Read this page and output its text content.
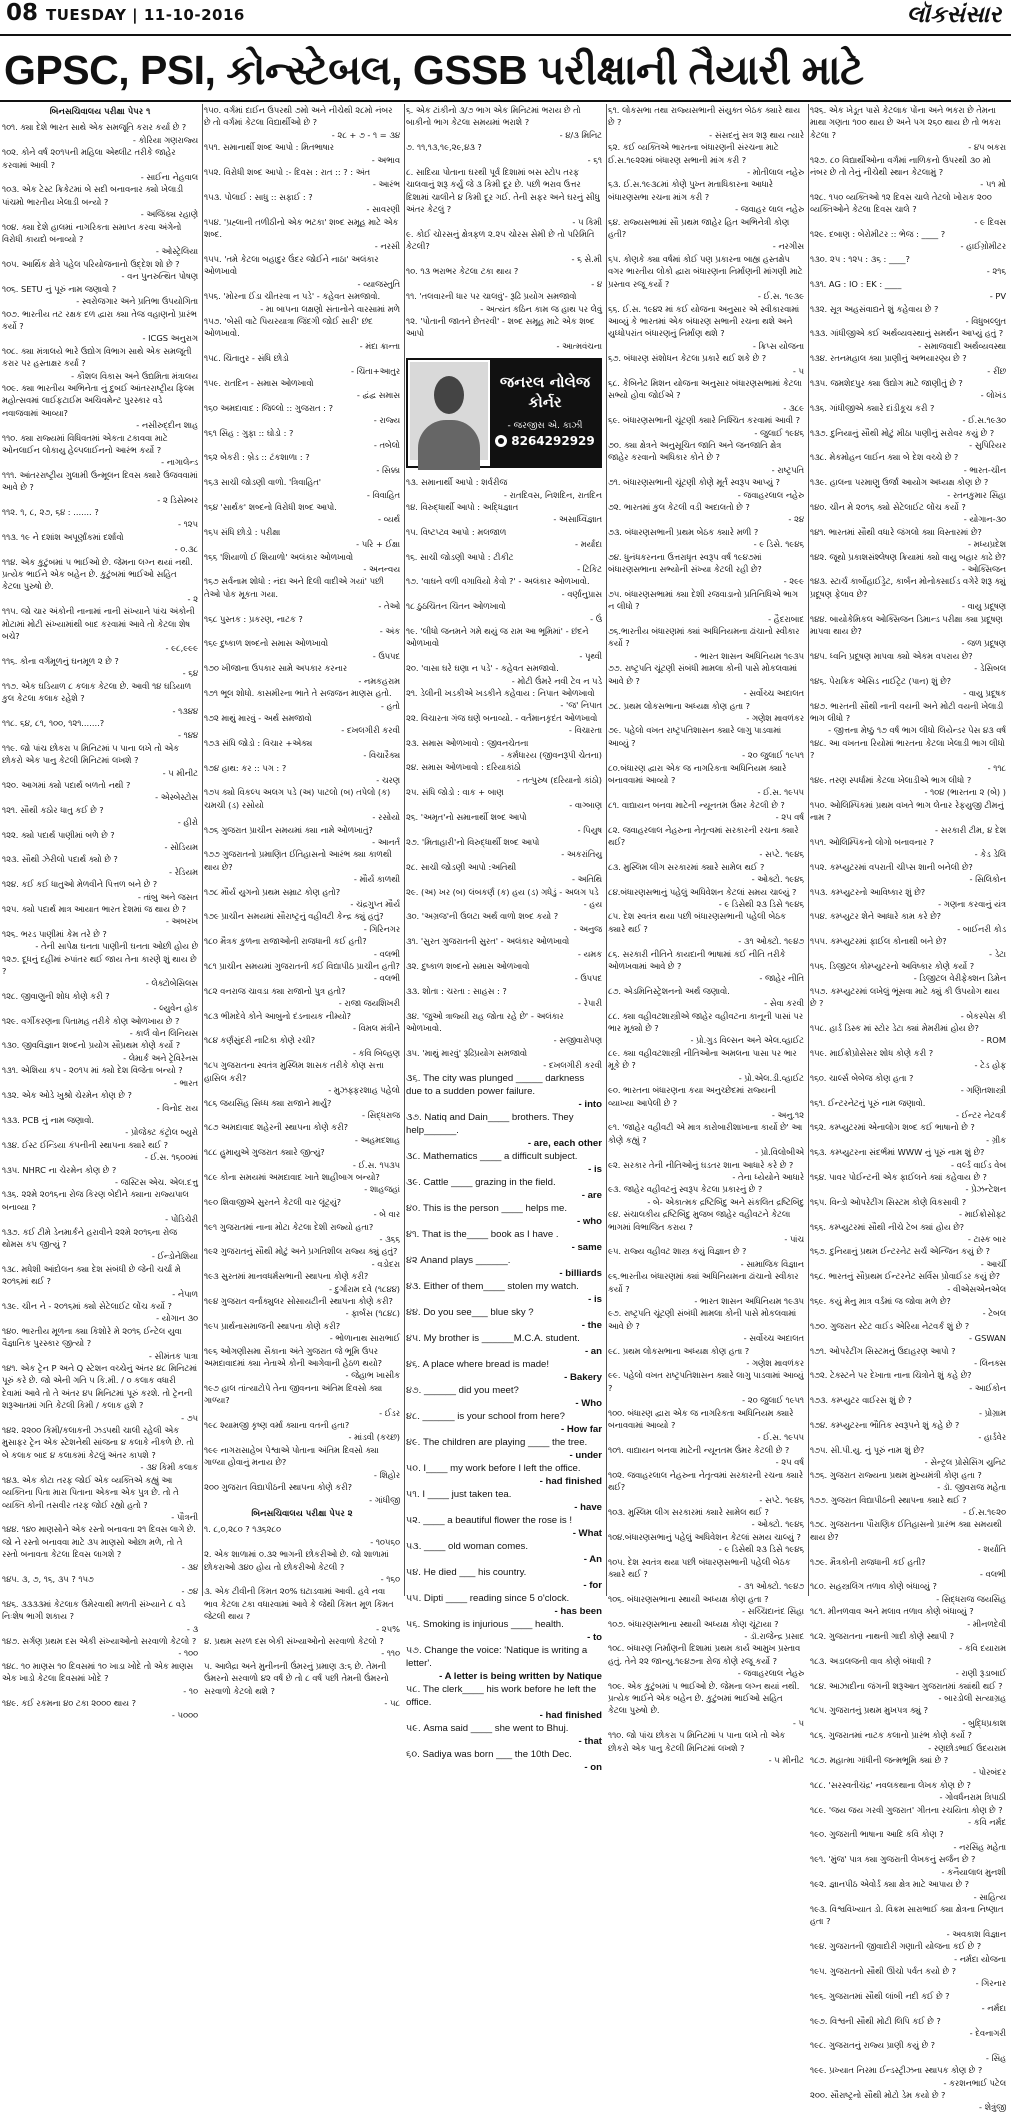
08 TUESDAY | 11-10-2016	લૉકસંસાર
GPSC, PSI, કોન્સ્ટેબલ, GSSB પરીક્ષાની તૈયારી માટે
બિનસચિવાલય પરીક્ષા પેપર ૧
૧૦૧. ક્યા દેશે ભારત સાથે એક સમજૂતિ કરાર કર્યા છે ?
- કોરિયા ગણરાજ્ય
૧૦૨. કોને વર્ષ ૨૦૧૫ની મહિલા એથ્લીટ તરીકે જાહેર કરવામાં આવી ?
- સાઈના નેહવાલ
૧૦૩. એક ટેસ્ટ ક્રિકેટમાં બે સદી બનાવનાર ક્યો ખેલાડી પાંચમો ભારતીય ખેલાડી બન્યો ?
- અજિંક્ય રહાણે
૧૦૪. ક્યા દેશે હાલમાં નાગરિકતા સમાપ્ત કરવા અંગેનો વિરોધી કાયદો બનાવ્યો ?
- ઓસ્ટ્રેલિયા
૧૦૫. આર્થિક ક્ષેત્રે પહેલ પરિયોજનાનો ઉદ્દેશ શો છે ?
- વન પુનરુત્થિત પોષણ
૧૦૬. SETU નું પૂરું નામ જણાવો ?
- સ્વરોજગાર અને પ્રતિભા ઉપયોગિતા
૧૦૭. ભારતીય તટ રક્ષક દળ દ્વારા ક્યા તેજ વહાણનો પ્રારંભ કર્યો ?
- ICGS અનુરાગ
૧૦૮. ક્યા મંત્રાલયે ભારે ઉદ્યોગ વિભાગ સાથે એક સમજૂતી કરાર પર હસ્તાક્ષર કર્યા ?
- કૌશલ વિકાસ અને ઉદ્યમિતા મંત્રાલય
૧૦૯. ક્યા ભારતીય અભિનેતા નું દુબઈ આંતરરાષ્ટ્રીય ફિલ્મ મહોત્સવમાં લાઈફટાઈમ અચિવમેન્ટ પુરસ્કાર વડે નવાજવામાં આવ્યા?
- નસીરુદ્દીન શાહ
૧૧૦. ક્યા રાજ્યમાં વિધિવતમાં એકતા ટકાવવા માટે ઓનલાઈન લોકાયુ હેલ્પલાઈનનો આરંભ કર્યો ?
- નાગાલેન્ડ
૧૧૧. આંતરરાષ્ટ્રીય ગુલામી ઉન્મૂલન દિવસ ક્યારે ઉજવવામાં આવે છે ?
- ૨ ડિસેમ્બર
૧૧૨. ૧, ૮, ૨૭, ૬૪ : ....... ?
- ૧૨૫
૧૧૩. ૧૯ ને દશાંશ અપૂર્ણાંકમાં દર્શાવો
- ૦.૩૮
૧૧૪. એક કુટુંબમાં ૫ ભાઈઓ છે. જેમના લગ્ન થયાં નથી. પ્રત્યેક ભાઈને એક બહેન છે. કુટુંબમાં ભાઈઓ સહિત કેટલા પુરુષો છે.
- ૨
૧૧૫. જો ચાર અંકોની નાનામાં નાની સંખ્યાને પાંચ અંકોની મોટામાં મોટી સંખ્યામાંથી બાદ કરવામાં આવે તો કેટલા શેષ બચે?
- ૯૮,૯૯૯
૧૧૬. કોના વર્ગમૂળનું ઘનમૂળ ૨ છે ?
- ૬૪
૧૧૭. એક ઘડિયાળ ૮ કલાક કેટલા છે. આવી ૧૪ ઘડિયાળ કુલ કેટલા કલાક રહેશે ?
- ૧૩૪૪
૧૧૮. ૬૪, ૮૧, ૧૦૦, ૧૨૧.......?
- ૧૪૪
૧૧૯. જો પાંચ છોકરા ૫ મિનિટમાં ૫ પાના લખે તો એક છોકરો એક પાનુ કેટલી મિનિટમાં લખશે ?
- ૫ મીનીટ
૧૨૦. આગમાં ક્યો પદાર્થ બળતો નથી ?
- એસ્બેસ્ટોસ
૧૨૧. સૌથી કઠોર ધાતુ કઈ છે ?
- હીરો
૧૨૨. ક્યો પદાર્થ પાણીમાં બળે છે ?
- સોડિયમ
૧૨૩. સૌથી ઝેરીલો પદાર્થ ક્યો છે ?
- રેડિયમ
૧૨૪. કઈ કઈ ધાતુઓ મેળવીને પિત્તળ બને છે ?
- તાંબુ અને જસત
૧૨૫. ક્યો પદાર્થ માત્ર આયાત ભારત દેશમાં જ થાય છે ?
- અબરખ
૧૨૬. ભરડ પાણીમાં કેમ તરે છે ?
- તેની સાપેક્ષ ઘનતા પાણીની ઘનતા ઓછી હોય છે
૧૨૭. દૂધનું દહીંમાં રુપાંતર થઈ જાય તેના કારણે શું થાય છે ?
- લેક્ટોબેસિલસ
૧૨૮. જીવાણુની શોધ કોણે કરી ?
- લ્યુવેન હોક
૧૨૯. વર્ગીકરણના પિતામહ તરીકે કોણ ઓળખાય છે ?
- કાર્લ વોન લિનિયસ
૧૩૦. જીવવિજ્ઞાન શબ્દનો પ્રયોગ સૌપ્રથમ કોણે કર્યો ?
- લેમાર્ક અને ટ્રેવિરેનસ
૧૩૧. એશિયા કપ - ૨૦૧૫ માં ક્યો દેશ વિજેતા બન્યો ?
- ભારત
૧૩૨. એક ઓડે ખુશ્રો ચેરમેન કોણ છે ?
- વિનોદ રાય
૧૩૩. PCB નું નામ જણાવો.
- પ્રોજેક્ટ કંટ્રોલ બ્યુરો
૧૩૪. ઈસ્ટ ઈન્ડિયા કંપનીની સ્થાપના ક્યારે થઈ ?
- ઈ.સ. ૧૬૦૦માં
૧૩૫. NHRC ના ચેરમેન કોણ છે ?
- જસ્ટિસ એચ. એલ.દત્તુ
૧૩૬. ૨૨મે ૨૦૧૬ના રોજ કિરણ બેદીને ક્યાના રાજ્યપાલ બનાવ્યા ?
- પોંડિચેરી
૧૩૭. કઈ ટીમે ડેનમાર્કને હરાવીને ૨૨મે ૨૦૧૬ના રોજ થોમસ કપ જીત્યું ?
- ઈન્ડોનેશિયા
૧૩૮. મધેશી આંદોલન ક્યા દેશ સંબંધી છે જેની ચર્ચા મે ૨૦૧૬માં થઈ ?
- નેપાળ
૧૩૯. ચીન ને - ૨૦૧૬માં ક્યો સેટેલાઈટ લોંચ કર્યો ?
- યોગાન ૩૦
૧૪૦. ભારતીય મૂળના ક્યા કિશોરે મે ૨૦૧૬ ઈન્ટેલ યુવા વૈજ્ઞાનિક પુરસ્કાર જીત્યો ?
- સીમંતક પાત્રા
૧૪૧. એક ટ્રેન P અને Q સ્ટેશન વચ્ચેનું અંતર ૪૮ મિનિટમાં પૂરું કરે છે. જો એની ગતિ ૫ કિ.મી. / ૦ કલાક વધારી દેવામાં આવે તો તે અંતર ૪૫ મિનિટમાં પૂરું કરશે. તો ટ્રેનની શરૂઆતમાં ગતિ કેટલી કિમી / કલાક હશે ?
- ૭૫
૧૪૨. ૨૨૦૦ કિમી/કલાકની ઝડપથી ચાલી રહેલી એક મુસાફર ટ્રેન એક સ્ટેશનેથી સાંજના ૪ કલાકે નીકળે છે. તો બે કલાક બાદ ૪ કલાકમાં કેટલું અંતર કાપશે ?
- ૩૪ કિમી કલાક
૧૪૩. એક કોટા તરફ જોઈ એક વ્યક્તિએ કહ્યું આ વ્યક્તિના પિતા મારા પિતાના એકના એક પુત્ર છે. તો તે વ્યક્તિ કોની તસવીર તરફ જોઈ રહ્યો હતો ?
- પૌત્રની
૧૪૪. ૧૪૦ માણસોને એક રસ્તો બનાવતા ૨૧ દિવસ લાગે છે. જો ને રસ્તો બનાવવા માટે ૩૫ માણસો ઓછા મળે, તો તે રસ્તો બનાવતા કેટલા દિવસ લાગશે ?
- ૩૪
૧૪૫. ૩, ૭, ૧૬, ૩૫ ? ૧૫૭
- ૭૪
૧૪૬. ૩૩૩૩માં કેટલાક ઉમેરવાથી મળતી સંખ્યાને ૮ વડે નિઃશેષ ભાગી શકાય ?
- ૩
૧૪૭. સર્ગણ પ્રથમ દસ એકી સંખ્યાઓનો સરવાળો કેટલો ?
- ૧૦૦
૧૪૮. ૧૦ માણસ ૧૦ દિવસમાં ૧૦ ખાડા ખોદે તો એક માણસ એક ખાડો કેટલા દિવસમાં ખોદે ?
- ૧૦
૧૪૯. કઈ રકમના ૪૦ ટકા ૨૦૦૦ થાય ?
- ૫૦૦૦
૧૫૦. વર્ગમાં દાઈન ઉપરથી ૭મો અને નીચેથી ૨૮મો નંબર છે તો વર્ગમાં કેટલા વિદ્યાર્થીઓ છે ?
- ૨૮ + ૭ - ૧ = ૩૪
૧૫૧. સમાનાર્થી શબ્દ આપો : મિતભાષાર
- અભાવ
૧૫૨. વિરોધી શબ્દ આપો :- દિવસ : રાત :: ? : અંત
- આરંભ
૧૫૩. પોલાઈ : સાધુ :: સફાઈ : ?
- સાવરણી
૧૫૪. 'પ્રહ્લાની તળીઠીનો એક ભટકા' શબ્દ સમૂહ માટે એક શબ્દ.
- નરસી
૧૫૫. 'તમે કેટલા બહાદુર ઉંદર જોઈને નાઠા' અલંકાર ઓળખાવો
- વ્યાજસ્તુતિ
૧૫૬. 'મોરના ઈંડા ચીતરવા ન પડે' - કહેવત સમજાવો.
- મા બાપના લક્ષણો સંતાનોને વારસામાં મળે
૧૫૭. 'બેસી વાટે પિયરયાત્રા જિંદગી જોઈ સારી' છંદ ઓળખાવો.
- મંદા ક્રાન્તા
૧૫૮. ચિંતાતુર - સંધિ છોડો
- ચિંતા+આતુર
૧૫૯. રાતદિન - સમાસ ઓળખાવો
- દ્વંદ્વ સમાસ
૧૬૦ અમદાવાદ : જિલ્લો :: ગુજરાત : ?
- રાજ્ય
૧૬૧ સિંહ : ગુફા :: ઘોડો : ?
- તબેલો
૧૬૨ બેકરી : બ્રેડ :: ટંકશાળા : ?
- સિક્કા
૧૬૩ સાચી જોડણી વાળો. 'ત્રિવાહિત'
- વિવાહિત
૧૬૪ 'સાર્થક' શબ્દનો વિરોધી શબ્દ આપો.
- વ્યર્થ
૧૬૫ સંધિ છોડો : પરીક્ષા
- પરિ + ઈક્ષા
૧૬૬ 'શિયાળો ઈ શિયાળો' અલંકાર ઓળખાવો
- અનન્વય
૧૬૭ સર્વનામ શોધો : નંદા અને દિલી વાદીએ ગયાં' પછી તેઓ પોક મૂકતા ગયા.
- તેઓ
૧૬૮ પુસ્તક : પ્રકરણ, નાટક ?
- અંક
૧૬૯ દુષ્કાળ શબ્દનો સમાસ ઓળખાવો
- ઉપપદ
૧૭૦ ખીજાના ઉપકાર સામે અપકાર કરનાર
- નમકહરામ
૧૭૧ ભૂલ શોધો. કાસમીરના ભાતે તે સજજન માણસ હતો.
- હતો
૧૭૨ માથું મારવું - અર્થ સમજાવો
- દખલગીરી કરવી
૧૭૩ સંધિ જોડો : વિચાર +એક્ય
- વિચારૈક્ય
૧૭૪ હાથ: કર :: પગ : ?
- ચરણ
૧૭૫ ક્યો વિકલ્પ અલગ પડે (અ) પાટલો (બ) તપેલો (ક) ચમચી (ડ) રસોયો
- રસોયો
૧૭૬ ગુજરાત પ્રાચીન સમયમાં ક્યા નામે ઓળખાતું?
- આનર્ત
૧૭૭ ગુજરાતનો પ્રમાણિત ઈતિહાસનો આરંભ ક્યા કાળથી થાય છે?
- મૌર્ય કાળથી
૧૭૮ મૌર્ય યુગનો પ્રથમ સમ્રાટ કોણ હતો?
- ચંદ્રગુપ્ત મૌર્ય
૧૭૯ પ્રાચીન સમયમાં સૌરાષ્ટ્રનું વહીવટી કેન્દ્ર ક્યું હતું?
- ગિરિનગર
૧૮૦ મૈત્રક કુળના રાજાઓની રાજધાની કઈ હતી?
- વલભી
૧૮૧ પ્રાચીન સમયમાં ગુજરાતની કઈ વિદ્યાપીઠ પ્રાચીન હતી?
- વલભી
૧૮૨ વનરાજ ચાવડા ક્યા રાજાનો પુત્ર હતો?
- રાજા જયશિખરી
૧૮૩ ભીમદેવે કોને આબુનો દંડનાયક નીમ્યો?
- વિમલ મંત્રીને
૧૮૪ કર્ણસુંદરી નાટિકા કોણે રચી?
- કવિ બિલ્હણ
૧૮૫ ગુજરાતના સ્વતંત્ર મુસ્લિમ શાસક તરીકે કોણ સત્તા હાસિલ કરી?
- મુઝફ્ફરશાહ પહેલો
૧૮૬ જયસિંહ સિધ્ધ ક્યા રાજાને માર્યુ?
- સિદ્ધરાજ
૧૮૭ અમદાવાદ શહેરની સ્થાપના કોણે કરી?
- અહમદશાહ
૧૮૮ હુમાયુએ ગુજરાત ક્યારે જીત્યું?
- ઈ.સ. ૧૫૩૫
૧૮૯ કોના સમયમાં અમદાવાદ ખાતે શાહીબાગ બન્યો?
- શાહજહાં
૧૯૦ શિવાજીએ સુરતને કેટલી વાર લૂંટ્યું?
- બે વાર
૧૯૧ ગુજરાતમાં નાના મોટા કેટલા દેશી રાજ્યો હતા?
- ૩૬૬
૧૯૨ ગુજરાતનું સૌથી મોટું અને પ્રગતિશીલ રાજ્ય ક્યું હતું?
- વડોદરા
૧૯૩ સુરતમાં માનવધર્મસભાની સ્થાપના કોણે કરી?
- દુર્ગારામ દવે (૧૮૪૪)
૧૯૪ ગુજરાત વર્નાક્યુલર સોસાયટીની સ્થાપના કોણે કરી?
- ફાર્બસ (૧૮૪૮)
૧૯૫ પ્રાર્થનાસમાજની સ્થાપના કોણે કરી?
- ભોળાનાથ સારાભાઈ
૧૯૬ ઓગણીસમા સૈકાના અંતે ગુજરાત જે ભૂમિ ઉપર અમદાવાદમાં ક્યા નેતાએ કોની આગેવાની હેઠળ થયો?
- જેહાભ ખાસીક
૧૯૭ હાલ તાંત્યાટોપે તેના જીવનના અંતિમ દિવસો ક્યા ગાળ્યા?
- ઈડર
૧૯૮ શ્યામજી કૃષ્ણ વર્મા ક્યાના વતની હતા?
- માંડવી (કચ્છ)
૧૯૯ નાગરાસાહેબ પેશ્વાએ પોતાના અંતિમ દિવસો ક્યા ગાળ્યા હોવાનું મનાય છે?
- શિહોર
૨૦૦ ગુજરાત વિદ્યાપીઠની સ્થાપના કોણે કરી?
- ગાંધીજી
બિનસચિવાલય પરીક્ષા પેપર ૨
૧. ૮,૦,૨૮૦ ? ૧૩૬૨૮૦
- ૧૦૫૬૦
૨. એક શાળામાં ૦.૩૨ ભાગની છોકરીઓ છે. જો શાળામાં છોકરાઓ ૩૪૦ હોય તો છોકરીઓ કેટલી ?
- ૧૬૦
૩. એક ટીવીની કિંમત ૨૦% ઘટાડવામાં આવી. હવે નવા ભાવ કેટલા ટકા વધારવામાં આવે કે જેથી કિંમત મૂળ કિંમત જેટલી થાય ?
- ૨૫%
૪. પ્રથમ સરળ દસ બેકી સંખ્યાઓનો સરવાળો કેટલો ?
- ૧૧૦
૫. આલેદ્રા અને મુનીનની ઉંમરનું પ્રમાણ ૩:૬ છે. તેમની ઉંમરનો સરવાળો ૪૨ વર્ષ છે તો ૮ વર્ષ પછી તેમની ઉંમરનો સરવાળો કેટલો થશે ?
- ૫૮
૬. એક ટાંકીનો ૩/૭ ભાગ એક મિનિટમાં ભરાય છે તો બાકીનો ભાગ કેટલા સમયમાં ભરાશે ?
- ૪/૩ મિનિટ
૭. ૧૧,૧૩,૧૯,૨૯,૪૩ ?
- ૬૧
૮. સાદિયા પોતાના ઘરથી પૂર્વ દિશામાં બસ સ્ટોપ તરફ ચાલવાનું શરૂ કર્યુ જે ૩ કિમી દૂર છે. પછી ભરાવ ઉત્તર દિશામાં ચાલીને ૪ કિમી દૂર ગઈ. તેની સફર અને ઘરનું સીધુ અંતર કેટલું ?
- ૫ કિમી
૯. કોઈ ચોરસનું ક્ષેત્રફળ ૨.૨૫ ચોરસ સેમી છે તો પરિમિતિ કેટલી?
- ૬ સે.મી
૧૦. ૧૩ ભરાભર કેટલા ટકા થાય ?
- ૪
૧૧. 'તલવારની ધાર પર ચાલવું'- રૂઢિ પ્રયોગ સમજાવો
- અત્યંત કઠિન કામ જ હાથ પર લેવું
૧૨. 'પોતાની જાતને છેતરવી' - શબ્દ સમૂહ માટે એક શબ્દ આપો
- આત્મવંચના
જનરલ નોલેજ
કોર્નર
- જરજીસ એ. કાઝી
8264292929
૧૩. સમાનાર્થી આપો : શર્વરીજ
- રાતદિવસ, નિશદિન, રાતદિન
૧૪. વિરુદ્ધાર્થી આપો : અદ્ધિજ્ઞાત
- અસાધ્વિજ્ઞાત
૧૫. વિષ્ટપ્ટ્વ આપો : મલજાળ
- મર્યાદા
૧૬. સાચી જોડણી આપો : ટીકીટ
- ટિકિટ
૧૭. 'વાઘને વળી વગાવિયો કેવો ?' - અલંકાર ઓળખાવો.
- વર્ણાનુપ્રાસ
૧૮ ઠુઠચિંતન ચિંતન ઓળખાવો
- ઉં
૧૯. 'લીધો જનમને ગમે થયું જ રામ આ ભૂમિમાં' - છંદને ઓળખાવો
- પૃથ્વી
૨૦. 'વાસા ઘરે ઘણા ન પડે' - કહેવત સમજાવો.
- મોટી ઉંમરે નવી ટેવ ન પડે
૨૧. ડેલીની ખડકીએ ખડકીને કહેવાય : નિપાત ઓળખાવો
- 'જ' નિપાત
૨૨. વિચારતા ગંજ ઘણે બનાવ્યો. - વર્તમાનકૃદંત ઓળખાવો
- વિચારતા
૨૩. સમાસ ઓળખાવો : જીવનચેતના
- કર્મધારય (જીવનરૂપી ચેતના)
૨૪. સમાસ ઓળખાવો : દરિયાકાંઠો
- તત્પુરુષ (દરિયાનો કાંઠો)
૨૫. સંધિ જોડો : વાક + બાણ
- વાગ્બાણ
૨૬. 'અમૃત'નો સમાનાર્થી શબ્દ આપો
- પિયુષ
૨૭. 'મિતાહારી'નો વિરુદ્ધાર્થી શબ્દ આપો
- અકરાંતિયુ
૨૮. સાચી જોડણી આપો :અતિથી
- અતિથિ
૨૯. (અ) ખર (બ) લંબકર્ણ (ક) હય (ડ) ગધેડું - અલગ પડે
- હય
૩૦. 'અગ્રજ'ની ઉલટા અર્થ વાળો શબ્દ કયો ?
- અનુજ
૩૧. 'સુરત ગુજરાતની સુરત' - અલંકાર ઓળખાવો
- યમક
૩૨. દુષ્કાળ શબ્દનો સમાસ ઓળખાવો
- ઉપપદ
૩૩. શોતા : ચરતા : સાહસ : ?
- રેપારી
૩૪. 'જુઓ ત્રાજ્યી રાહ જોતા રહે છે' - અલંકાર ઓળખાવો.
- સજીવારોપણ
૩૫. 'માથું મારવું' રૂઢિપ્રયોગ સમજાવો
- દખલગીરી કરવી
૩૬. The city was plunged _____ darkness due to a sudden power failure.
- into
૩૭. Natiq and Dain____ brothers. They help______.
- are, each other
૩૮. Mathematics ____ a difficult subject.
- is
૩૯. Cattle ____ grazing in the field.
- are
૪૦. This is the person ____ helps me.
- who
૪૧. That is the____ book as I have .
- same
૪૨ Anand plays ______.
- billiards
૪૩. Either of them____ stolen my watch.
- is
૪૪. Do you see___ blue sky ?
- the
૪૫. My brother is ______M.C.A. student.
- an
૪૬. A place where bread is made!
- Bakery
૪૭. ______ did you meet?
- Who
૪૮. ______ is your school from here?
- How far
૪૯. The children are playing ____ the tree.
- under
૫૦. I____ my work before I left the office.
- had finished
૫૧. I ____ just taken tea.
- have
૫૨. ____ a beautiful flower the rose is !
- What
૫૩. ____ old woman comes.
- An
૫૪. He died ___ his country.
- for
૫૫. Dipti ____ reading since 5 o'clock.
- has been
૫૬. Smoking is injurious ____ health.
- to
૫૭. Change the voice: 'Natique is writing a letter'.
- A letter is being written by Natique
૫૮. The clerk____ his work before he left the office.
- had finished
૫૯. Asma said ____ she went to Bhuj.
- that
૬૦. Sadiya was born ___ the 10th Dec.
- on
૬૧. લોકસભા તથા રાજ્યસભાની સંયુક્ત બેઠક ક્યારે થાય છે ?
- સંસદનું સત્ર શરૂ થાય ત્યારે
૬૨. કઈ વ્યક્તિએ ભારતના બંધારણની સંરચના માટે ઈ.સ.૧૯૨૨માં બંધારણ સભાની માંગ કરી ?
- મોતીલાલ નહેરુ
૬૩. ઈ.સ.૧૯૩૮માં કોણે પુખ્ત મતાધિકારના આધારે બંધારણસભા રચના માંગ કરી ?
- જવાહર લાલ નહેરુ
૬૪. રાજ્યસભામાં સૌ પ્રથમ જાહેર હિત અભિનેત્રી કોણ હતી?
- નરગીસ
૬૫. કોણકે ક્યા વર્ષમાં કોઈ પણ પ્રકારના બાહ્ય હસ્તક્ષેપ વગર ભારતીય લોકો દ્વારા બંધારણના નિર્માણની માંગણી માટે પ્રસ્તાવ રજૂ કર્યો ?
- ઈ.સ. ૧૯૩૯
૬૬. ઈ.સ. ૧૯૪૨ માં કઈ યોજના અનુસાર એ સ્વીકારવામાં આવ્યું કે ભારતમાં એક બંધારણ સભાની રચના થશે અને યુધ્ધોપરાંત બંધારણનું નિર્માણ થશે ?
- ક્રિપ્સ યોજના
૬૭. બંધારણ સંશોધન કેટલા પ્રકારે થઈ શકે છે ?
- ૫
૬૮. કેબિનેટ મિશન યોજના અનુસાર બંધારણસભામાં કેટલા સભ્યો હોવા જોઈએ ?
- ૩૮૯
૬૯. બંધારણસભાની ચૂંટણી ક્યારે નિશ્ચિત કરવામાં આવી ?
- જુલાઈ ૧૯૪૬
૭૦. ક્યા ક્ષેત્રને અનુસૂચિત જાતિ અને જનજાતિ ક્ષેત્ર જાહેર કરવાનો અધિકાર કોને છે ?
- રાષ્ટ્રપતિ
૭૧. બંધારણસભાની ચૂંટણી કોણે મૂર્ત સ્વરૂપ આપ્યું ?
- જવાહરલાલ નહેરુ
૭૨. ભારતમાં કુલ કેટલી વડી અદાલતો છે ?
- ૨૪
૭૩. બંધારણસભાની પ્રથમ બેઠક ક્યારે મળી ?
- ૯ ડિસે. ૧૯૪૬
૭૪. ધુનંધકરનના ઉત્તરાધૃત સ્વરૂપ વર્ષ ૧૯૪૭માં બંધારણસભાના સભ્યોની સંખ્યા કેટલી રહી છે?
- ૨૯૯
૭૫. બંધારણસભામાં ક્યા દેશી રજવાડાનો પ્રતિનિધિએ ભાગ ન લીધો ?
- હૈદરાબાદ
૭૬.ભારતીય બંધારણમાં ક્યાં અધિનિયમના ઢાંચાનો સ્વીકાર કર્યો ?
- ભારત શાસન અધિનિયમ ૧૯૩૫
૭૭. રાષ્ટ્રપતિ ચૂંટણી સંબંધી મામલા કોની પાસે મોકલવામાં આવે છે ?
- સર્વોચ્ચ અદાલત
૭૮. પ્રથમ લોકસભાના અધ્યક્ષ કોણ હતા ?
- ગણેશ માવળંકર
૭૯. પહેલો વખત રાષ્ટ્રપતિશાસન ક્યારે લાગુ પાડવામાં આવ્યું ?
- ૨૦ જુલાઈ ૧૯૫૧
૮૦.બંધારણ દ્વારા એક જ નાગરિકતા અધિનિયમ ક્યારે બનાવવામાં આવ્યો ?
- ઈ.સ. ૧૯૫૫
૮૧. વાદ્યાયન બનવા માટેની ન્યૂનતમ ઉંમર કેટલી છે ?
- ૨૫ વર્ષ
૮૨. જવાહરલાલ નેહરુના નેતૃત્વમાં સરકારની રચના ક્યારે થઈ?
- સપ્ટે. ૧૯૪૬
૮૩. મુસ્લિમ લીગ સરકારમાં ક્યારે સામેલ થઈ ?
- ઓક્ટો. ૧૯૪૬
૮૪.બંધારણસભાનું પહેલું અધિવેશન કેટલાં સમય ચાલ્યું ?
- ૯ ડિસેથી ૨૩ ડિસે ૧૯૪૬
૮૫. દેશ સ્વતંત્ર થયા પછી બંધારણસભાની પહેલી બેઠક ક્યારે થઈ ?
- ૩૧ ઓક્ટો. ૧૯૪૭
૮૬. સરકારી નીતિને કાયદાની ભાષામાં કઈ નીતિ તરીકે ઓળખવામાં આવે છે ?
- જાહેર નીતિ
૮૭. એડમિનિસ્ટ્રેશનનો અર્થ જણાવો.
- સેવા કરવી
૮૮. ક્યા વહીવટશાસ્ત્રીએ જાહેર વહીવટના કાનૂની પાસાં પર ભાર મૂક્યો છે ?
- પ્રો.ગુડ વિલ્સન અને એલ.વ્હાઈટ
૮૯. ક્યા વહીવટશાસ્ત્રી નીતિઓના અમલના પાસા પર ભાર મૂકે છે ?
- પ્રો.એલ.ડી.વ્હાઈટ
૯૦. ભારતના બંધારણના કયા અનુચ્છેદમાં રાજ્યની વ્યાખ્યા આપેલી છે ?
- અનુ.૧૨
૯૧. 'જાહેર વહીવટી એ માત્ર કારોબારીશાખાના કાર્યો છે' આ કોણે કહ્યું ?
- પ્રો.વિલોબીએ
૯૨. સરકાર તેની નીતિઓનું ઘડતર શાના આધારે કરે છે ?
- તેના ધ્યેયોને આધારે
૯૩. જાહેર વહીવટનું સ્વરૂપ કેટલા પ્રકારનું છે ?
- બે- એકાત્મક દ્રષ્ટિબિંદુ અને સંકલિત દ્રષ્ટિબિંદુ
૯૪. સંચાલકીય દ્રષ્ટિબિંદુ મુજબ જાહેર વહીવટને કેટલા ભાગમાં વિભાજિત કરાય ?
- પાંચ
૯૫. રાજ્ય વહીવટ શાસ્ત્ર કયું વિજ્ઞાન છે ?
- સામાજિક વિજ્ઞાન
૯૬.ભારતીય બંધારણમાં ક્યાં અધિનિયમના ઢાંચાનો સ્વીકાર કર્યો ?
- ભારત શાસન અધિનિયમ ૧૯૩૫
૯૭. રાષ્ટ્રપતિ ચૂંટણી સંબંધી મામલા કોની પાસે મોકલવામાં આવે છે ?
- સર્વોચ્ચ અદાલત
૯૮. પ્રથમ લોકસભાના અધ્યક્ષ કોણ હતા ?
- ગણેશ માવળંકર
૯૯. પહેલો વખત રાષ્ટ્રપતિશાસન ક્યારે લાગુ પાડવામાં આવ્યું ?
- ૨૦ જુલાઈ ૧૯૫૧
૧૦૦. બંધારણ દ્વારા એક જ નાગરિકતા અધિનિયમ ક્યારે બનાવવામાં આવ્યો ?
- ઈ.સ. ૧૯૫૫
૧૦૧. વાદ્યાયન બનવા માટેની ન્યૂનતમ ઉંમર કેટલી છે ?
- ૨૫ વર્ષ
૧૦૨. જવાહરલાલ નેહરુના નેતૃત્વમાં સરકારની રચના ક્યારે થઈ?
- સપ્ટે. ૧૯૪૬
૧૦૩. મુસ્લિમ લીગ સરકારમાં ક્યારે સામેલ થઈ ?
- ઓક્ટો. ૧૯૪૬
૧૦૪.બંધારણસભાનું પહેલું અધિવેશન કેટલાં સમય ચાલ્યું ?
- ૯ ડિસેથી ૨૩ ડિસે ૧૯૪૬
૧૦૫. દેશ સ્વતંત્ર થયા પછી બંધારણસભાની પહેલી બેઠક ક્યારે થઈ ?
- ૩૧ ઓક્ટો. ૧૯૪૭
૧૦૬. બંધારણસભાના સ્થાયી અધ્યક્ષ કોણ હતા ?
- સચ્ચિદાનંદ સિંહા
૧૦૭. બંધારણસભાના સ્થાયી અધ્યક્ષ કોણ ચૂંટાયા ?
- ડૉ.રાજેન્દ્ર પ્રસાદ
૧૦૮. બંધારણ નિર્માણની દિશામાં પ્રથમ કાર્ય આમુખ પ્રસ્તાવ હતું. તેને ૨૨ જાન્યુ.૧૯૪૭ના રોજ કોણે રજૂ કર્યો ?
- જવાહરલાલ નેહરુ
૧૦૯. એક કુટુંબમાં ૫ ભાઈઓ છે. જેમના લગ્ન થયાં નથી. પ્રત્યેક ભાઈને એક બહેન છે. કુટુંબમાં ભાઈઓ સહિત કેટલા પુરુષો છે.
- ૫
૧૧૦. જો પાંચ છોકરા ૫ મિનિટમાં ૫ પાના લખે તો એક છોકરો એક પાનુ કેટલી મિનિટમાં લખશે ?
- ૫ મીનીટ
૧૨૬. એક ખેડૂત પાસે કેટલાક પોંના અને ભકરા છે તેમના માથા ગણતા ૧૦૦ થાય છે અને પગ ૨૬૦ થાય છે તો ભકરા કેટલા ?
- ૪૫ બકરા
૧૨૭. ૮૦ વિદ્યાર્થીઓના વર્ગમાં નાળિકનો ઉપરથી ૩૦ મો નંબર છે તો તેનું નીચેથી સ્થાન કેટલામું ?
- ૫૧ મો
૧૨૮. ૧૫૦ વ્યક્તિઓ ૧૨ દિવસ ચાલે તેટલો ખોરાક ૨૦૦ વ્યક્તિઓને કેટલા દિવસ ચાલે ?
- ૯ દિવસ
૧૨૯. દબાણ : બેરોમીટર :: ભેજ : ____ ?
- હાઈગ્રોમીટર
૧૩૦. ૨૫ : ૧૨૫ : ૩૬ : ____?
- ૨૧૬
૧૩૧. AG : IO : EK : ____
- PV
૧૩૨. સૂત્ર અહસંવાદ્યને શું કહેવાય છે ?
- વિધુબલ્લુત
૧૩૩. ગાંધીજીએ કઈ અર્થવ્યવસ્થાનું સમર્થન આપ્યું હતું ?
- સમાજવાદી અર્થવ્યવસ્થા
૧૩૪. રતનમહાલ ક્યા પ્રાણીનું અભયારણ્ય છે ?
- રીંછ
૧૩૫. જમશેદપુર ક્યા ઉદ્યોગ માટે જાણીતું છે ?
- લોખંડ
૧૩૬. ગાંધીજીએ ક્યારે દાંડીકૂચ કરી ?
- ઈ.સ.૧૯૩૦
૧૩૭. દુનિયાનું સૌથી મોટું મીઠા પાણીનું સરોવર કયું છે ?
- સુપિરિયર
૧૩૮. મેકમોહન લાઈન ક્યા બે દેશ વચ્ચે છે ?
- ભારત-ચીન
૧૩૯. હાલના પરમાણુ ઉર્જા આયોગ અધ્યક્ષ કોણ છે ?
- રતનકુમાર સિંહા
૧૪૦. ચીન મે ૨૦૧૬ ક્યો સેટેલાઈટ લોંચ કર્યો ?
- યોગાન-૩૦
૧૪૧. ભારતમાં સૌથી વધારે જંગલો ક્યા વિસ્તારમાં છે?
- મધ્યપ્રદેશ
૧૪૨. જૂથો પ્રકાશસંશ્લેષણ ક્રિયામાં ક્યો વાયુ બહાર કાઢે છે?
- ઓક્સિજન
૧૪૩. સ્ટાર્ચ કાર્બોહાઈડ્રેટ, કાર્બન મોનોક્સાઈડ વગેરે શરૂ ક્યું પ્રદૂષણ ફેલાવ છે?
- વાયુ પ્રદૂષણ
૧૪૪. બાયોકેમિકલ ઓક્સિજન ડિમાન્ડ પરીક્ષા ક્યા પ્રદૂષણ માપવા થાય છે?
- જળ પ્રદૂષણ
૧૪૫. ધ્વનિ પ્રદૂષણ માપવા ક્યો એકમ વપરાય છે?
- ડેસિબલ
૧૪૬. પેરાક્રિક એસિડ નાઈટ્રેટ (પાન) શું છે?
- વાયુ પ્રદૂષક
૧૪૭. ભારતની સૌથી નાની વયની અને મોટી વયની ખેલાડી ભાગ લીધો ?
- જીત્તના મેષ્ઠુ ૧૭ વર્ષ ભાગ લીધો લિયેન્ડર પેસ ૪૩ વર્ષ
૧૪૮. આ વખતના રિયોમાં ભારતના કેટલા ખેલાડી ભાગ લીધો ?
- ૧૧૮
૧૪૯. તરણ સ્પર્ધામાં કેટલા ખેલાડીએ ભાગ લીધો ?
- ૧૦૪ (ભારતના ૨ (બે) )
૧૫૦. ઓલિમ્પિકમાં પ્રથમ વખતે ભાગ લેનાર રેફયુજી ટીમનું નામ ?
- સરકારી ટીમ, ૪ દેશ
૧૫૧. ઓલિમ્પિકનો લોગો બનાવનાર ?
- કેડ ડેલિ
૧૫૨. કમ્પ્યુટરમાં વપરાતી ચીપ્સ શાની બનેલી છે?
- સિલિકોન
૧૫૩. કમ્પ્યુટરનો આવિષ્કાર શું છે?
- ગણના કરવાનું યંત્ર
૧૫૪. કમ્પ્યુટર શેને આધારે કામ કરે છે?
- બાઈનરી કોડ
૧૫૫. કમ્પ્યુટરમાં ફાઈલ કોનાથી બને છે?
- ડેટા
૧૫૬. ડિજીટલ કોમ્પ્યુટરનો અવિષ્કાર કોણે કર્યો ?
- ડિજીટલ વેરીફેક્શન ડિમેન
૧૫૭. કમ્પ્યુટરમાં લખેલું ભૂંસવા માટે ક્યું કી ઉપયોગ થાય છે ?
- બેકસ્પેસ કી
૧૫૮. હાર્ડ ડિસ્ક માં સ્ટોર ડેટા ક્યાં મેમરીમાં હોય છે?
- ROM
૧૫૯. માઈક્રોપ્રોસેસર શોધ કોણે કરી ?
- ટેડ હોફ
૧૬૦. ચાર્લ્સ બેબેજ કોણ હતા ?
- ગણિતશાસ્ત્રી
૧૬૧. ઈન્ટરનેટનું પૂરું નામ જણાવો.
- ઈન્ટર નેટવર્ક
૧૬૨. કમ્પ્યુટરમાં એનાલોગ શબ્દ કઈ ભાષાનો છે ?
- ગ્રીક
૧૬૩. કમ્પ્યુટરના સંદર્ભમાં WWW નું પૂરું નામ શું છે?
- વર્લ્ડ વાઈડ વેબ
૧૬૪. પાવર પોઈન્ટની એક ફાઈલને ક્યાં કહેવાય છે ?
- પ્રેઝન્ટેશન
૧૬૫. વિન્ડો ઓપરેટીંગ સિસ્ટમ કોણે વિકસાવી ?
- માઈક્રોસોફ્ટ
૧૬૬. કમ્પ્યુટરમાં સૌથી નીચે ટેબ ક્યાં હોય છે?
- ટાસ્ક બાર
૧૬૭. દુનિયાનું પ્રથમ ઈન્ટરનેટ સર્ચ એન્જિન કયું છે ?
- આર્ચી
૧૬૮. ભારતનું સૌપ્રથમ ઈન્ટરનેટ સર્વિસ પ્રોવાઈડર કયું છે?
- વીએસએનએલ
૧૬૯. કયું મેનુ માત્ર વર્ડમાં જ જોવા મળે છે?
- ટેબલ
૧૭૦. ગુજરાત સ્ટેટ વાઈડ એરિયા નેટવર્ક શું છે ?
- GSWAN
૧૭૧. ઓપરેટીંગ સિસ્ટમનું ઉદાહરણ આપો ?
- લિનક્સ
૧૭૨. ટેક્સ્ટને પર દેખાતા નાના ચિત્રોને શું કહે છે?
- આઈકોન
૧૭૩. કમ્પ્યુટર વાઈરસ શું છે ?
- પ્રોગ્રામ
૧૭૪. કમ્પ્યુટરના ભૌતિક સ્વરૂપને શું કહે છે ?
- હાર્ડવેર
૧૭૫. સી.પી.યુ. નું પૂરું નામ શું છે?
- સેન્ટ્રલ પ્રોસેસિંગ યુનિટ
૧૭૬. ગુજરાત રાજ્યના પ્રથમ મુખ્યમંત્રી કોણ હતા ?
- ડૉ. જીવરાજ મહેતા
૧૭૭. ગુજરાત વિદ્યાપીઠની સ્થાપના ક્યારે થઈ ?
- ઈ.સ.૧૯૨૦
૧૭૮. ગુજરાતના પૌરાણિક ઈતિહાસનો પ્રારંભ ક્યા સમયથી થાય છે?
- શર્યાતિ
૧૭૯. મૈત્રકોની રાજધાની કઈ હતી?
- વલભી
૧૮૦. સહસ્ત્રલિંગ તળાવ કોણે બંધાવ્યું ?
- સિદ્ધરાજ જયસિંહ
૧૮૧. મીનળવાવ અને મલાવ તળાવ કોણે બંધાવ્યું ?
- મીનળદેવી
૧૮૨. ગુજરાતના નાથની ગાદી કોણે સ્થાપી ?
- કવિ દયારામ
૧૮૩. અડાલજની વાવ કોણે બંધાવી ?
- રાણી રૂડાબાઈ
૧૮૪. આઝાદીના જંગની શરૂઆત ગુજરાતમાં ક્યાંથી થઈ ?
- બારડોલી સત્યાગ્રહ
૧૮૫. ગુજરાતનું પ્રથમ મુખપત્ર ક્યું ?
- બુદ્ધિપ્રકાશ
૧૮૬. ગુજરાતમાં નાટક કલાનો પ્રારંભ કોણે કર્યો ?
- રણછોડભાઈ ઉદયરામ
૧૮૭. મહાત્મા ગાંધીની જન્મભૂમિ ક્યાં છે ?
- પોરબંદર
૧૮૮. 'સરસ્વતીચંદ્ર' નવલકથાના લેખક કોણ છે ?
- ગોવર્ધનરામ ત્રિપાઠી
૧૮૯. 'જય જય ગરવી ગુજરાત' ગીતના રચયિતા કોણ છે ?
- કવિ નર્મદ
૧૯૦. ગુજરાતી ભાષાના આદિ કવિ કોણ ?
- નરસિંહ મહેતા
૧૯૧. 'મુંજ' પાત્ર ક્યા ગુજરાતી લેખકનું સર્જન છે ?
- કનૈયાલાલ મુનશી
૧૯૨. જ્ઞાનપીઠ એવોર્ડ ક્યા ક્ષેત્ર માટે આપાય છે ?
- સાહિત્ય
૧૯૩. વિશ્વવિખ્યાત ડો. વિક્રમ સારાભાઈ ક્યા ક્ષેત્રના નિષ્ણાત હતા ?
- અવકાશ વિજ્ઞાન
૧૯૪. ગુજરાતની જીવાદોરી ગણાતી યોજના કઈ છે ?
- નર્મદા યોજના
૧૯૫. ગુજરાતનો સૌથી ઊંચો પર્વત કયો છે ?
- ગિરનાર
૧૯૬. ગુજરાતમાં સૌથી લાંબી નદી કઈ છે ?
- નર્મદા
૧૯૭. વિશ્વની સૌથી મોટી લિપિ કઈ છે ?
- દેવનાગરી
૧૯૮. ગુજરાતનું રાજ્ય પ્રાણી કયું છે ?
- સિંહ
૧૯૯. પ્રખ્યાત નિરમા ઈન્ડસ્ટ્રીઝના સ્થાપક કોણ છે ?
- કરશનભાઈ પટેલ
૨૦૦. સૌરાષ્ટ્રનો સૌથી મોટો ડેમ કયો છે ?
- શેત્રુંજી
